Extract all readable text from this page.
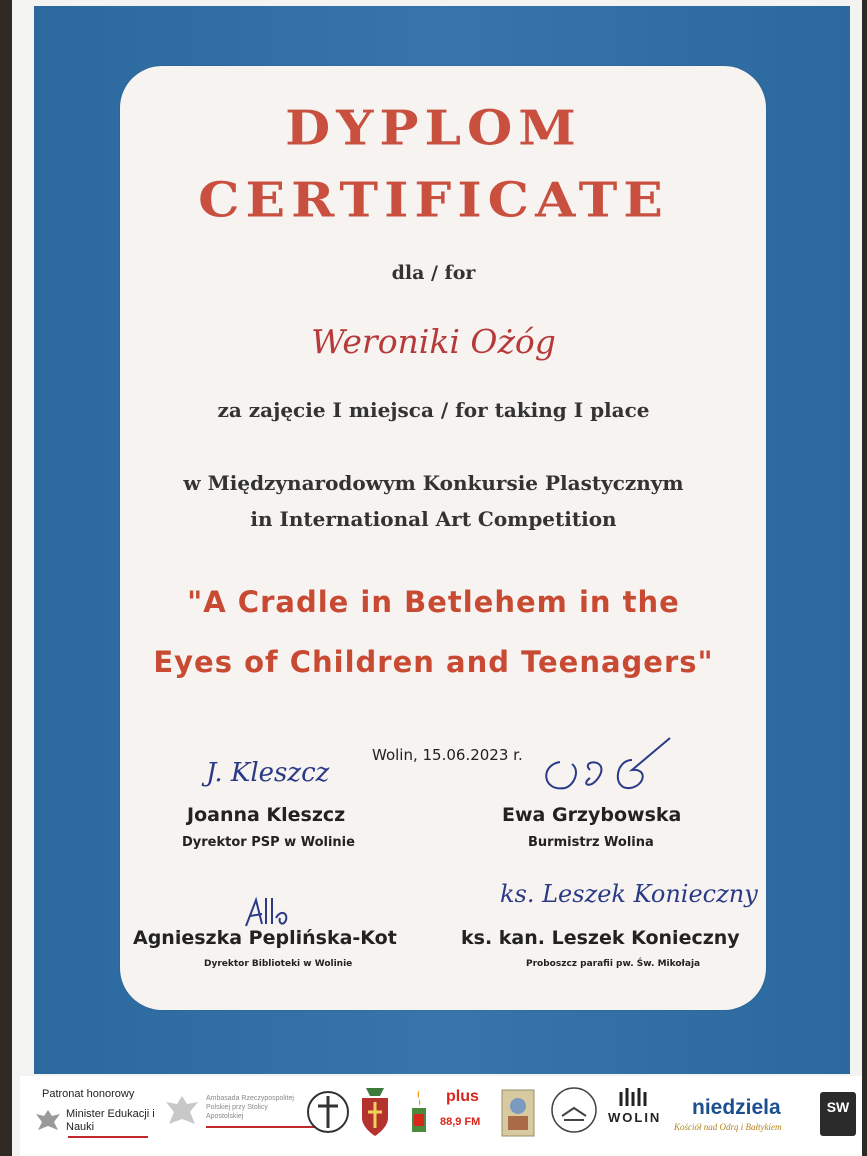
DYPLOM
CERTIFICATE
dla / for
Weroniki Ożóg
za zajęcie I miejsca / for taking I place
w Międzynarodowym Konkursie Plastycznym
in International Art Competition
"A Cradle in Betlehem in the
Eyes of Children and Teenagers"
Wolin, 15.06.2023 r.
J. Kleszcz
Joanna Kleszcz
Dyrektor PSP w Wolinie
Ewa Grzybowska
Burmistrz Wolina
Agnieszka Peplińska-Kot
Dyrektor Biblioteki w Wolinie
ks. Leszek Konieczny
ks. kan. Leszek Konieczny
Proboszcz parafii pw. Św. Mikołaja
Patronat honorowy
Minister Edukacji i Nauki
Ambasada Rzeczypospolitej Polskiej przy Stolicy Apostolskiej
plus
88,9 FM	WOLIN niedziela
Kościół nad Odrą i Bałtykiem
SW
